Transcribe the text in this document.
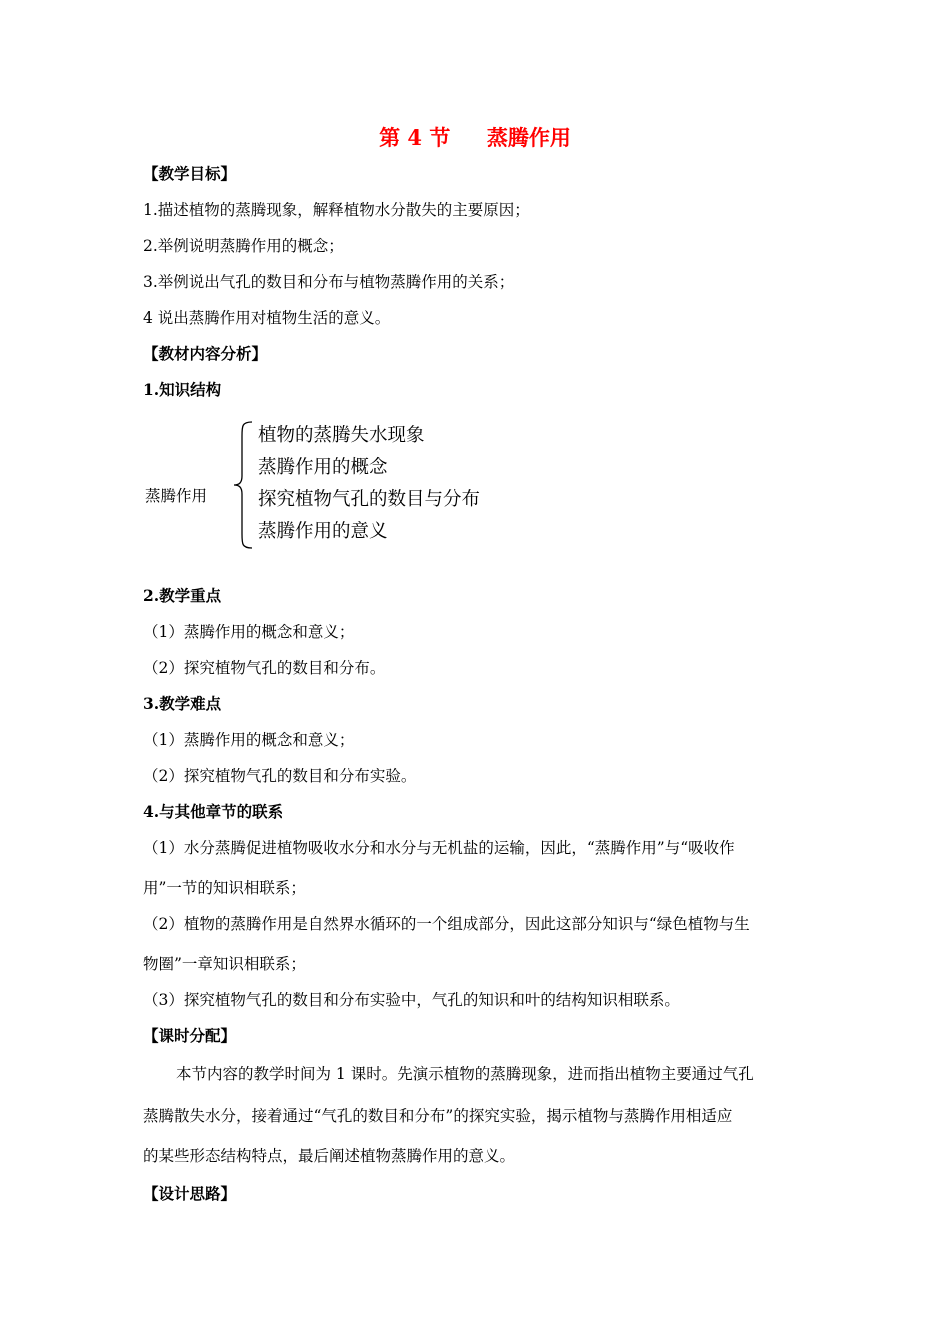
第 4 节     蒸腾作用
【教学目标】
1.描述植物的蒸腾现象，解释植物水分散失的主要原因；
2.举例说明蒸腾作用的概念；
3.举例说出气孔的数目和分布与植物蒸腾作用的关系；
4 说出蒸腾作用对植物生活的意义。
【教材内容分析】
1.知识结构
蒸腾作用
植物的蒸腾失水现象
蒸腾作用的概念
探究植物气孔的数目与分布
蒸腾作用的意义
2.教学重点
（1）蒸腾作用的概念和意义；
（2）探究植物气孔的数目和分布。
3.教学难点
（1）蒸腾作用的概念和意义；
（2）探究植物气孔的数目和分布实验。
4.与其他章节的联系
（1）水分蒸腾促进植物吸收水分和水分与无机盐的运输，因此，“蒸腾作用”与“吸收作
用”一节的知识相联系；
（2）植物的蒸腾作用是自然界水循环的一个组成部分，因此这部分知识与“绿色植物与生
物圈”一章知识相联系；
（3）探究植物气孔的数目和分布实验中，气孔的知识和叶的结构知识相联系。
【课时分配】
本节内容的教学时间为 1 课时。先演示植物的蒸腾现象，进而指出植物主要通过气孔
蒸腾散失水分，接着通过“气孔的数目和分布”的探究实验，揭示植物与蒸腾作用相适应
的某些形态结构特点，最后阐述植物蒸腾作用的意义。
【设计思路】
